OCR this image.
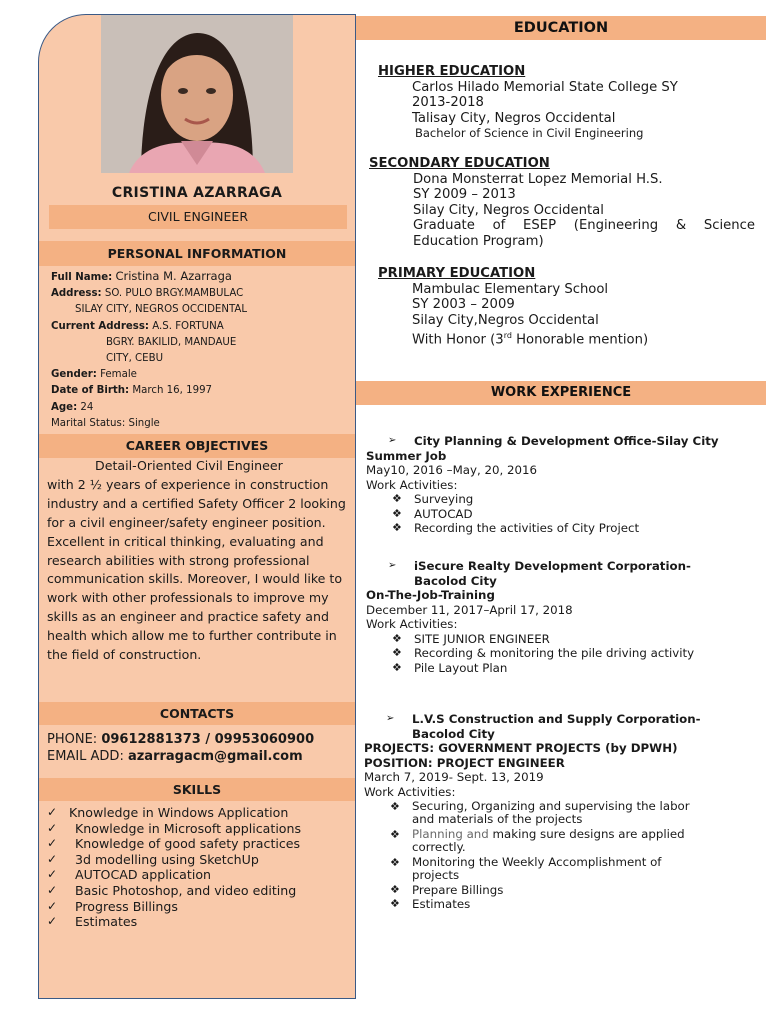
CRISTINA AZARRAGA
CIVIL ENGINEER
PERSONAL INFORMATION
Full Name: Cristina M. Azarraga
Address: SO. PULO BRGY.MAMBULAC
SILAY CITY, NEGROS OCCIDENTAL
Current Address: A.S. FORTUNA
BGRY. BAKILID, MANDAUE
CITY, CEBU
Gender: Female
Date of Birth: March 16, 1997
Age: 24
Marital Status: Single
CAREER OBJECTIVES
Detail-Oriented Civil Engineer
with 2 ½ years of experience in construction industry and a certified Safety Officer 2 looking for a civil engineer/safety engineer position. Excellent in critical thinking, evaluating and research abilities with strong professional communication skills. Moreover, I would like to work with other professionals to improve my skills as an engineer and practice safety and health which allow me to further contribute in the field of construction.
CONTACTS
PHONE: 09612881373 / 09953060900
EMAIL ADD: azarragacm@gmail.com
SKILLS
✓ Knowledge in Windows Application
✓ Knowledge in Microsoft applications
✓ Knowledge of good safety practices
✓ 3d modelling using SketchUp
✓ AUTOCAD application
✓ Basic Photoshop, and video editing
✓ Progress Billings
✓ Estimates
EDUCATION
HIGHER EDUCATION
Carlos Hilado Memorial State College SY
2013-2018
Talisay City, Negros Occidental
Bachelor of Science in Civil Engineering
SECONDARY EDUCATION
Dona Monsterrat Lopez Memorial H.S.
SY 2009 – 2013
Silay City, Negros Occidental
Graduate of ESEP (Engineering & Science
Education Program)
PRIMARY EDUCATION
Mambulac Elementary School
SY 2003 – 2009
Silay City,Negros Occidental
With Honor (3rd Honorable mention)
WORK EXPERIENCE
➢	City Planning & Development Office-Silay City
Summer Job
May10, 2016 –May, 20, 2016
Work Activities:
❖ Surveying
❖ AUTOCAD
❖ Recording the activities of City Project
➢	iSecure Realty Development Corporation-
Bacolod City
On-The-Job-Training
December 11, 2017–April 17, 2018
Work Activities:
❖ SITE JUNIOR ENGINEER
❖ Recording & monitoring the pile driving activity
❖ Pile Layout Plan
➢	L.V.S Construction and Supply Corporation-
Bacolod City
PROJECTS: GOVERNMENT PROJECTS (by DPWH)
POSITION: PROJECT ENGINEER
March 7, 2019- Sept. 13, 2019
Work Activities:
❖ Securing, Organizing and supervising the labor
and materials of the projects
❖ Planning and making sure designs are applied
correctly.
❖ Monitoring the Weekly Accomplishment of
projects
❖ Prepare Billings
❖ Estimates
